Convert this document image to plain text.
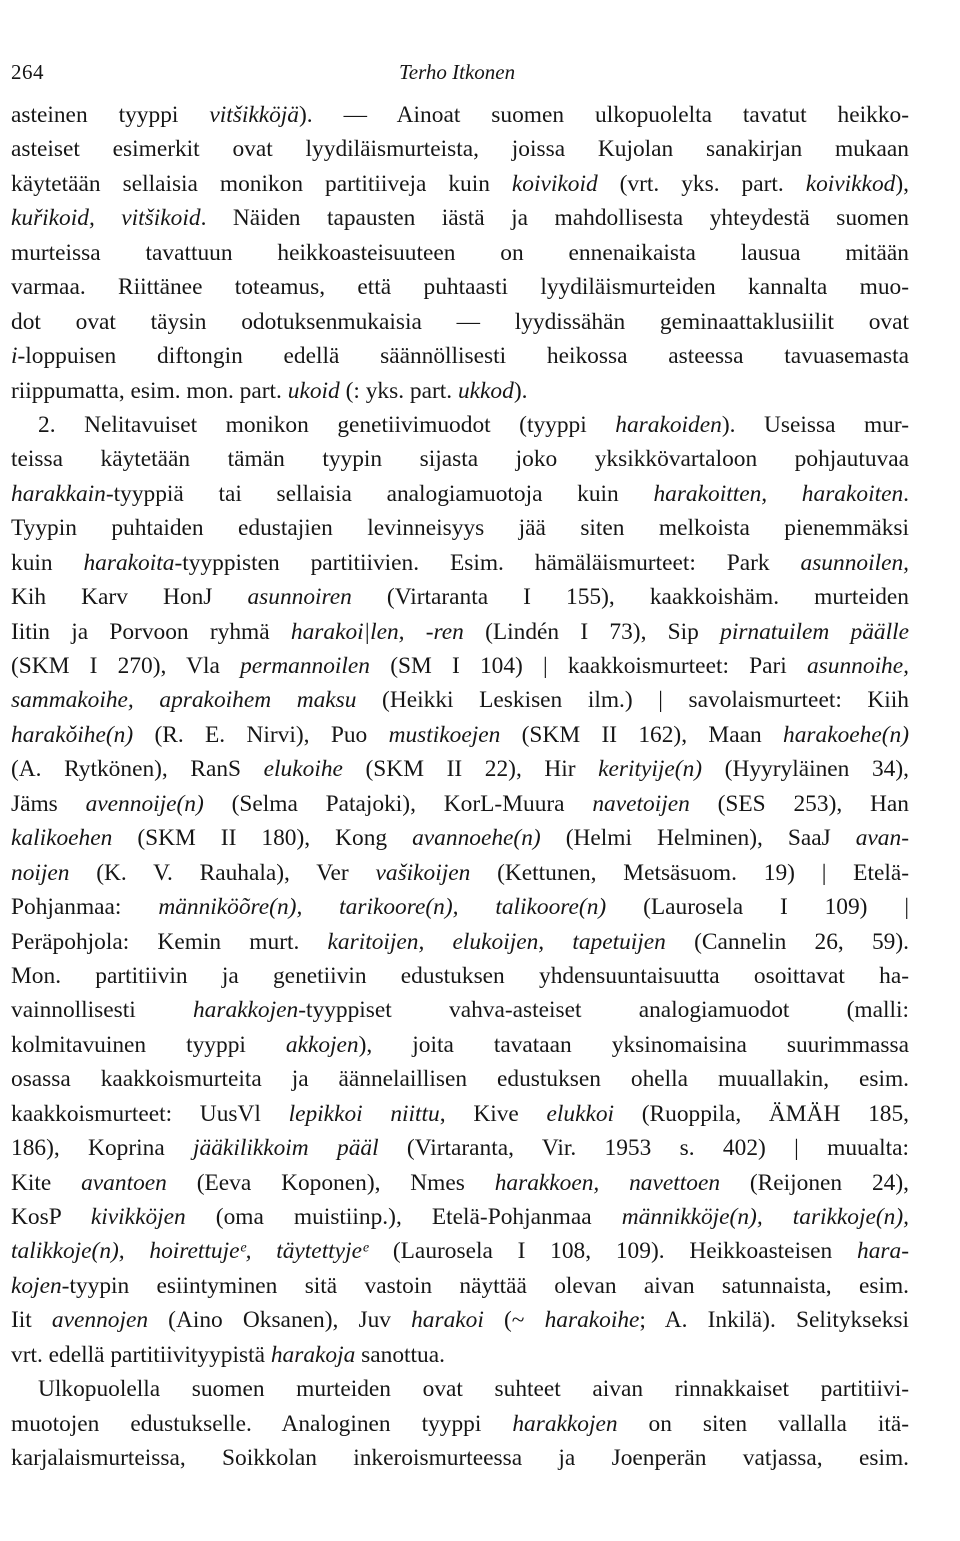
264	Terho Itkonen
asteinen tyyppi vitšikköjä). — Ainoat suomen ulkopuolelta tavatut heikko-
asteiset esimerkit ovat lyydiläismurteista, joissa Kujolan sanakirjan mukaan
käytetään sellaisia monikon partitiiveja kuin koivikoid (vrt. yks. part. koivikkod),
kuřikoid, vitšikoid. Näiden tapausten iästä ja mahdollisesta yhteydestä suomen
murteissa tavattuun heikkoasteisuuteen on ennenaikaista lausua mitään
varmaa. Riittänee toteamus, että puhtaasti lyydiläismurteiden kannalta muo-
dot ovat täysin odotuksenmukaisia — lyydissähän geminaattaklusiilit ovat
i-loppuisen diftongin edellä säännöllisesti heikossa asteessa tavuasemasta
riippumatta, esim. mon. part. ukoid (: yks. part. ukkod).
2. Nelitavuiset monikon genetiivimuodot (tyyppi harakoiden). Useissa mur-
teissa käytetään tämän tyypin sijasta joko yksikkövartaloon pohjautuvaa
harakkain-tyyppiä tai sellaisia analogiamuotoja kuin harakoitten, harakoiten.
Tyypin puhtaiden edustajien levinneisyys jää siten melkoista pienemmäksi
kuin harakoita-tyyppisten partitiivien. Esim. hämäläismurteet: Park asunnoilen,
Kih Karv HonJ asunnoiren (Virtaranta I 155), kaakkoishäm. murteiden
Iitin ja Porvoon ryhmä harakoi|len, -ren (Lindén I 73), Sip pirnatuilem päälle
(SKM I 270), Vla permannoilen (SM I 104) | kaakkoismurteet: Pari asunnoihe,
sammakoihe, aprakoihem maksu (Heikki Leskisen ilm.) | savolaismurteet: Kiih
harakǒihe(n) (R. E. Nirvi), Puo mustikoejen (SKM II 162), Maan harakoehe(n)
(A. Rytkönen), RanS elukoihe (SKM II 22), Hir kerityije(n) (Hyyryläinen 34),
Jäms avennoije(n) (Selma Patajoki), KorL-Muura navetoijen (SES 253), Han
kalikoehen (SKM II 180), Kong avannoehe(n) (Helmi Helminen), SaaJ avan-
noijen (K. V. Rauhala), Ver vašikoijen (Kettunen, Metsäsuom. 19) | Etelä-
Pohjanmaa: männiköõre(n), tarikoore(n), talikoore(n) (Laurosela I 109) |
Peräpohjola: Kemin murt. karitoijen, elukoijen, tapetuijen (Cannelin 26, 59).
Mon. partitiivin ja genetiivin edustuksen yhdensuuntaisuutta osoittavat ha-
vainnollisesti harakkojen-tyyppiset vahva-asteiset analogiamuodot (malli:
kolmitavuinen tyyppi akkojen), joita tavataan yksinomaisina suurimmassa
osassa kaakkoismurteita ja äännelaillisen edustuksen ohella muuallakin, esim.
kaakkoismurteet: UusVl lepikkoi niittu, Kive elukkoi (Ruoppila, ÄMÄH 185,
186), Koprina jääkilikkoim pääl (Virtaranta, Vir. 1953 s. 402) | muualta:
Kite avantoen (Eeva Koponen), Nmes harakkoen, navettoen (Reijonen 24),
KosP kivikköjen (oma muistiinp.), Etelä-Pohjanmaa männikköje(n), tarikkoje(n),
talikkoje(n), hoirettujeᵉ, täytettyjeᵉ (Laurosela I 108, 109). Heikkoasteisen hara-
kojen-tyypin esiintyminen sitä vastoin näyttää olevan aivan satunnaista, esim.
Iit avennojen (Aino Oksanen), Juv harakoi (~ harakoihe; A. Inkilä). Selitykseksi
vrt. edellä partitiivityypistä harakoja sanottua.
Ulkopuolella suomen murteiden ovat suhteet aivan rinnakkaiset partitiivi-
muotojen edustukselle. Analoginen tyyppi harakkojen on siten vallalla itä-
karjalaismurteissa, Soikkolan inkeroismurteessa ja Joenperän vatjassa, esim.
